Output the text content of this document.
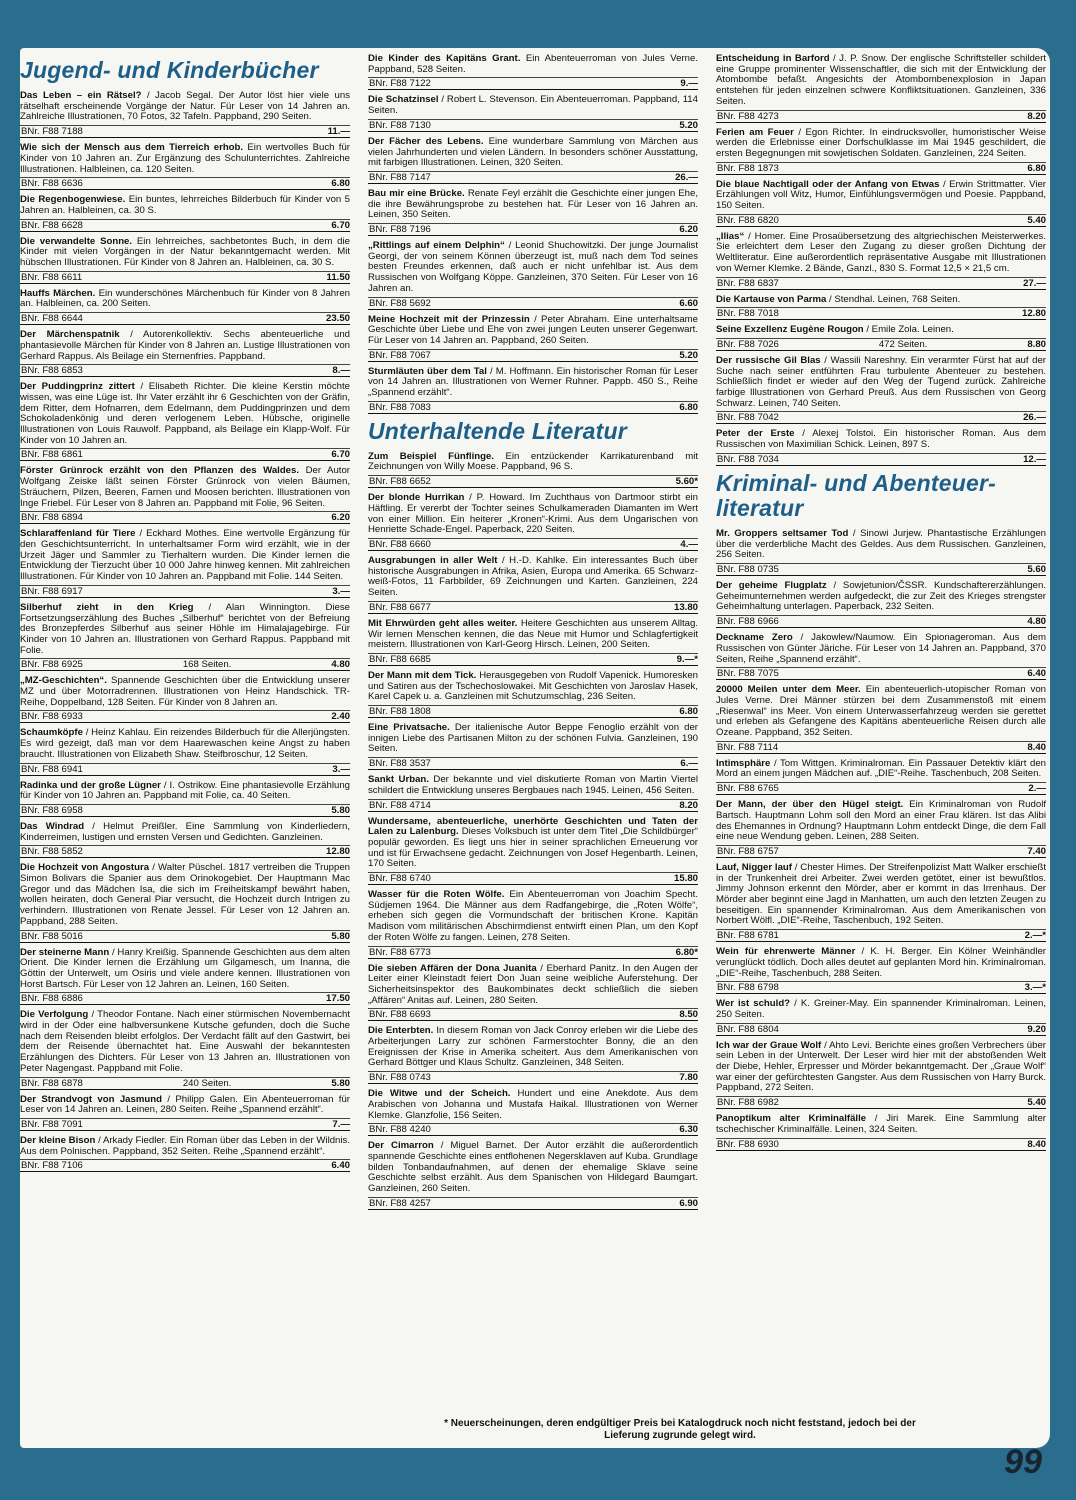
Jugend- und Kinderbücher
Das Leben – ein Rätsel? / Jacob Segal. Der Autor löst hier viele uns rätselhaft erscheinende Vorgänge der Natur. Für Leser von 14 Jahren an. Zahlreiche Illustrationen, 70 Fotos, 32 Tafeln. Pappband, 290 Seiten.
BNr. F88 7188	11.—
Wie sich der Mensch aus dem Tierreich erhob. Ein wertvolles Buch für Kinder von 10 Jahren an. Zur Ergänzung des Schulunterrichtes. Zahlreiche Illustrationen. Halbleinen, ca. 120 Seiten.
BNr. F88 6636	6.80
Die Regenbogenwiese. Ein buntes, lehrreiches Bilderbuch für Kinder von 5 Jahren an. Halbleinen, ca. 30 S.
BNr. F88 6628	6.70
Die verwandelte Sonne. Ein lehrreiches, sachbetontes Buch, in dem die Kinder mit vielen Vorgängen in der Natur bekanntgemacht werden. Mit hübschen Illustrationen. Für Kinder von 8 Jahren an. Halbleinen, ca. 30 S.
BNr. F88 6611	11.50
Hauffs Märchen. Ein wunderschönes Märchenbuch für Kinder von 8 Jahren an. Halbleinen, ca. 200 Seiten.
BNr. F88 6644	23.50
Der Märchenspatnik / Autorenkollektiv. Sechs abenteuerliche und phantasievolle Märchen für Kinder von 8 Jahren an. Lustige Illustrationen von Gerhard Rappus. Als Beilage ein Sternenfries. Pappband.
BNr. F88 6853	8.—
Der Puddingprinz zittert / Elisabeth Richter. Die kleine Kerstin möchte wissen, was eine Lüge ist. Ihr Vater erzählt ihr 6 Geschichten von der Gräfin, dem Ritter, dem Hofnarren, dem Edelmann, dem Puddingprinzen und dem Schokoladenkönig und deren verlogenem Leben. Hübsche, originelle Illustrationen von Louis Rauwolf. Pappband, als Beilage ein Klapp-Wolf. Für Kinder von 10 Jahren an.
BNr. F88 6861	6.70
Förster Grünrock erzählt von den Pflanzen des Waldes. Der Autor Wolfgang Zeiske läßt seinen Förster Grünrock von vielen Bäumen, Sträuchern, Pilzen, Beeren, Farnen und Moosen berichten. Illustrationen von Inge Friebel. Für Leser von 8 Jahren an. Pappband mit Folie, 96 Seiten.
BNr. F88 6894	6.20
Schlaraffenland für Tiere / Eckhard Mothes. Eine wertvolle Ergänzung für den Geschichtsunterricht. In unterhaltsamer Form wird erzählt, wie in der Urzeit Jäger und Sammler zu Tierhaltern wurden. Die Kinder lernen die Entwicklung der Tierzucht über 10 000 Jahre hinweg kennen. Mit zahlreichen Illustrationen. Für Kinder von 10 Jahren an. Pappband mit Folie. 144 Seiten.
BNr. F88 6917	3.—
Silberhuf zieht in den Krieg / Alan Winnington. Diese Fortsetzungserzählung des Buches „Silberhuf“ berichtet von der Befreiung des Bronzepferdes Silberhuf aus seiner Höhle im Himalajagebirge. Für Kinder von 10 Jahren an. Illustrationen von Gerhard Rappus. Pappband mit Folie.
BNr. F88 6925	168 Seiten.	4.80
„MZ-Geschichten“. Spannende Geschichten über die Entwicklung unserer MZ und über Motorradrennen. Illustrationen von Heinz Handschick. TR-Reihe, Doppelband, 128 Seiten. Für Kinder von 8 Jahren an.
BNr. F88 6933	2.40
Schaumköpfe / Heinz Kahlau. Ein reizendes Bilderbuch für die Allerjüngsten. Es wird gezeigt, daß man vor dem Haarewaschen keine Angst zu haben braucht. Illustrationen von Elizabeth Shaw. Steifbroschur, 12 Seiten.
BNr. F88 6941	3.—
Radinka und der große Lügner / I. Ostrikow. Eine phantasievolle Erzählung für Kinder von 10 Jahren an. Pappband mit Folie, ca. 40 Seiten.
BNr. F88 6958	5.80
Das Windrad / Helmut Preißler. Eine Sammlung von Kinderliedern, Kinderreimen, lustigen und ernsten Versen und Gedichten. Ganzleinen.
BNr. F88 5852	12.80
Die Hochzeit von Angostura / Walter Püschel. 1817 vertreiben die Truppen Simon Bolivars die Spanier aus dem Orinokogebiet. Der Hauptmann Mac Gregor und das Mädchen Isa, die sich im Freiheitskampf bewährt haben, wollen heiraten, doch General Piar versucht, die Hochzeit durch Intrigen zu verhindern. Illustrationen von Renate Jessel. Für Leser von 12 Jahren an. Pappband, 288 Seiten.
BNr. F88 5016	5.80
Der steinerne Mann / Hanry Kreißig. Spannende Geschichten aus dem alten Orient. Die Kinder lernen die Erzählung um Gilgamesch, um Inanna, die Göttin der Unterwelt, um Osiris und viele andere kennen. Illustrationen von Horst Bartsch. Für Leser von 12 Jahren an. Leinen, 160 Seiten.
BNr. F88 6886	17.50
Die Verfolgung / Theodor Fontane. Nach einer stürmischen Novembernacht wird in der Oder eine halbversunkene Kutsche gefunden, doch die Suche nach dem Reisenden bleibt erfolglos. Der Verdacht fällt auf den Gastwirt, bei dem der Reisende übernachtet hat. Eine Auswahl der bekanntesten Erzählungen des Dichters. Für Leser von 13 Jahren an. Illustrationen von Peter Nagengast. Pappband mit Folie.
BNr. F88 6878	240 Seiten.	5.80
Der Strandvogt von Jasmund / Philipp Galen. Ein Abenteuerroman für Leser von 14 Jahren an. Leinen, 280 Seiten. Reihe „Spannend erzählt“.
BNr. F88 7091	7.—
Der kleine Bison / Arkady Fiedler. Ein Roman über das Leben in der Wildnis. Aus dem Polnischen. Pappband, 352 Seiten. Reihe „Spannend erzählt“.
BNr. F88 7106	6.40
Die Kinder des Kapitäns Grant. Ein Abenteuerroman von Jules Verne. Pappband, 528 Seiten.
BNr. F88 7122	9.—
Die Schatzinsel / Robert L. Stevenson. Ein Abenteuerroman. Pappband, 114 Seiten.
BNr. F88 7130	5.20
Der Fächer des Lebens. Eine wunderbare Sammlung von Märchen aus vielen Jahrhunderten und vielen Ländern. In besonders schöner Ausstattung, mit farbigen Illustrationen. Leinen, 320 Seiten.
BNr. F88 7147	26.—
Bau mir eine Brücke. Renate Feyl erzählt die Geschichte einer jungen Ehe, die ihre Bewährungsprobe zu bestehen hat. Für Leser von 16 Jahren an. Leinen, 350 Seiten.
BNr. F88 7196	6.20
„Rittlings auf einem Delphin“ / Leonid Shuchowitzki. Der junge Journalist Georgi, der von seinem Können überzeugt ist, muß nach dem Tod seines besten Freundes erkennen, daß auch er nicht unfehlbar ist. Aus dem Russischen von Wolfgang Köppe. Ganzleinen, 370 Seiten. Für Leser von 16 Jahren an.
BNr. F88 5692	6.60
Meine Hochzeit mit der Prinzessin / Peter Abraham. Eine unterhaltsame Geschichte über Liebe und Ehe von zwei jungen Leuten unserer Gegenwart. Für Leser von 14 Jahren an. Pappband, 260 Seiten.
BNr. F88 7067	5.20
Sturmläuten über dem Tal / M. Hoffmann. Ein historischer Roman für Leser von 14 Jahren an. Illustrationen von Werner Ruhner. Pappb. 450 S., Reihe „Spannend erzählt“.
BNr. F88 7083	6.80
Unterhaltende Literatur
Zum Beispiel Fünflinge. Ein entzückender Karrikaturenband mit Zeichnungen von Willy Moese. Pappband, 96 S.
BNr. F88 6652	5.60*
Der blonde Hurrikan / P. Howard. Im Zuchthaus von Dartmoor stirbt ein Häftling. Er vererbt der Tochter seines Schulkameraden Diamanten im Wert von einer Million. Ein heiterer „Kronen“-Krimi. Aus dem Ungarischen von Henriette Schade-Engel. Paperback, 220 Seiten.
BNr. F88 6660	4.—
Ausgrabungen in aller Welt / H.-D. Kahlke. Ein interessantes Buch über historische Ausgrabungen in Afrika, Asien, Europa und Amerika. 65 Schwarz-weiß-Fotos, 11 Farbbilder, 69 Zeichnungen und Karten. Ganzleinen, 224 Seiten.
BNr. F88 6677	13.80
Mit Ehrwürden geht alles weiter. Heitere Geschichten aus unserem Alltag. Wir lernen Menschen kennen, die das Neue mit Humor und Schlagfertigkeit meistern. Illustrationen von Karl-Georg Hirsch. Leinen, 200 Seiten.
BNr. F88 6685	9.—*
Der Mann mit dem Tick. Herausgegeben von Rudolf Vapenick. Humoresken und Satiren aus der Tschechoslowakei. Mit Geschichten von Jaroslav Hasek, Karel Capek u. a. Ganzleinen mit Schutzumschlag, 236 Seiten.
BNr. F88 1808	6.80
Eine Privatsache. Der italienische Autor Beppe Fenoglio erzählt von der innigen Liebe des Partisanen Milton zu der schönen Fulvia. Ganzleinen, 190 Seiten.
BNr. F88 3537	6.—
Sankt Urban. Der bekannte und viel diskutierte Roman von Martin Viertel schildert die Entwicklung unseres Bergbaues nach 1945. Leinen, 456 Seiten.
BNr. F88 4714	8.20
Wundersame, abenteuerliche, unerhörte Geschichten und Taten der Lalen zu Lalenburg. Dieses Volksbuch ist unter dem Titel „Die Schildbürger“ populär geworden. Es liegt uns hier in seiner sprachlichen Erneuerung vor und ist für Erwachsene gedacht. Zeichnungen von Josef Hegenbarth. Leinen, 170 Seiten.
BNr. F88 6740	15.80
Wasser für die Roten Wölfe. Ein Abenteuerroman von Joachim Specht. Südjemen 1964. Die Männer aus dem Radfangebirge, die „Roten Wölfe“, erheben sich gegen die Vormundschaft der britischen Krone. Kapitän Madison vom militärischen Abschirmdienst entwirft einen Plan, um den Kopf der Roten Wölfe zu fangen. Leinen, 278 Seiten.
BNr. F88 6773	6.80*
Die sieben Affären der Dona Juanita / Eberhard Panitz. In den Augen der Leiter einer Kleinstadt feiert Don Juan seine weibliche Auferstehung. Der Sicherheitsinspektor des Baukombinates deckt schließlich die sieben „Affären“ Anitas auf. Leinen, 280 Seiten.
BNr. F88 6693	8.50
Die Enterbten. In diesem Roman von Jack Conroy erleben wir die Liebe des Arbeiterjungen Larry zur schönen Farmerstochter Bonny, die an den Ereignissen der Krise in Amerika scheitert. Aus dem Amerikanischen von Gerhard Böttger und Klaus Schultz. Ganzleinen, 348 Seiten.
BNr. F88 0743	7.80
Die Witwe und der Scheich. Hundert und eine Anekdote. Aus dem Arabischen von Johanna und Mustafa Haikal. Illustrationen von Werner Klemke. Glanzfolie, 156 Seiten.
BNr. F88 4240	6.30
Der Cimarron / Miguel Barnet. Der Autor erzählt die außerordentlich spannende Geschichte eines entflohenen Negersklaven auf Kuba. Grundlage bilden Tonbandaufnahmen, auf denen der ehemalige Sklave seine Geschichte selbst erzählt. Aus dem Spanischen von Hildegard Baumgart. Ganzleinen, 260 Seiten.
BNr. F88 4257	6.90
Entscheidung in Barford / J. P. Snow. Der englische Schriftsteller schildert eine Gruppe prominenter Wissenschaftler, die sich mit der Entwicklung der Atombombe befaßt. Angesichts der Atombombenexplosion in Japan entstehen für jeden einzelnen schwere Konfliktsituationen. Ganzleinen, 336 Seiten.
BNr. F88 4273	8.20
Ferien am Feuer / Egon Richter. In eindrucksvoller, humoristischer Weise werden die Erlebnisse einer Dorfschulklasse im Mai 1945 geschildert, die ersten Begegnungen mit sowjetischen Soldaten. Ganzleinen, 224 Seiten.
BNr. F88 1873	6.80
Die blaue Nachtigall oder der Anfang von Etwas / Erwin Strittmatter. Vier Erzählungen voll Witz, Humor, Einfühlungsvermögen und Poesie. Pappband, 150 Seiten.
BNr. F88 6820	5.40
„Ilias“ / Homer. Eine Prosaübersetzung des altgriechischen Meisterwerkes. Sie erleichtert dem Leser den Zugang zu dieser großen Dichtung der Weltliteratur. Eine außerordentlich repräsentative Ausgabe mit Illustrationen von Werner Klemke. 2 Bände, Ganzl., 830 S. Format 12,5 × 21,5 cm.
BNr. F88 6837	27.—
Die Kartause von Parma / Stendhal. Leinen, 768 Seiten.
BNr. F88 7018	12.80
Seine Exzellenz Eugène Rougon / Emile Zola. Leinen.
BNr. F88 7026	472 Seiten.	8.80
Der russische Gil Blas / Wassili Nareshny. Ein verarmter Fürst hat auf der Suche nach seiner entführten Frau turbulente Abenteuer zu bestehen. Schließlich findet er wieder auf den Weg der Tugend zurück. Zahlreiche farbige Illustrationen von Gerhard Preuß. Aus dem Russischen von Georg Schwarz. Leinen, 740 Seiten.
BNr. F88 7042	26.—
Peter der Erste / Alexej Tolstoi. Ein historischer Roman. Aus dem Russischen von Maximilian Schick. Leinen, 897 S.
BNr. F88 7034	12.—
Kriminal- und Abenteuer-literatur
Mr. Groppers seltsamer Tod / Sinowi Jurjew. Phantastische Erzählungen über die verderbliche Macht des Geldes. Aus dem Russischen. Ganzleinen, 256 Seiten.
BNr. F88 0735	5.60
Der geheime Flugplatz / Sowjetunion/ČSSR. Kundschaftererzählungen. Geheimunternehmen werden aufgedeckt, die zur Zeit des Krieges strengster Geheimhaltung unterlagen. Paperback, 232 Seiten.
BNr. F88 6966	4.80
Deckname Zero / Jakowlew/Naumow. Ein Spionageroman. Aus dem Russischen von Günter Järiche. Für Leser von 14 Jahren an. Pappband, 370 Seiten, Reihe „Spannend erzählt“.
BNr. F88 7075	6.40
20000 Meilen unter dem Meer. Ein abenteuerlich-utopischer Roman von Jules Verne. Drei Männer stürzen bei dem Zusammenstoß mit einem „Riesenwal“ ins Meer. Von einem Unterwasserfahrzeug werden sie gerettet und erleben als Gefangene des Kapitäns abenteuerliche Reisen durch alle Ozeane. Pappband, 352 Seiten.
BNr. F88 7114	8.40
Intimsphäre / Tom Wittgen. Kriminalroman. Ein Passauer Detektiv klärt den Mord an einem jungen Mädchen auf. „DIE“-Reihe. Taschenbuch, 208 Seiten.
BNr. F88 6765	2.—
Der Mann, der über den Hügel steigt. Ein Kriminalroman von Rudolf Bartsch. Hauptmann Lohm soll den Mord an einer Frau klären. Ist das Alibi des Ehemannes in Ordnung? Hauptmann Lohm entdeckt Dinge, die dem Fall eine neue Wendung geben. Leinen, 288 Seiten.
BNr. F88 6757	7.40
Lauf, Nigger lauf / Chester Himes. Der Streifenpolizist Matt Walker erschießt in der Trunkenheit drei Arbeiter. Zwei werden getötet, einer ist bewußtlos. Jimmy Johnson erkennt den Mörder, aber er kommt in das Irrenhaus. Der Mörder aber beginnt eine Jagd in Manhatten, um auch den letzten Zeugen zu beseitigen. Ein spannender Kriminalroman. Aus dem Amerikanischen von Norbert Wölfl. „DIE“-Reihe, Taschenbuch, 192 Seiten.
BNr. F88 6781	2.—*
Wein für ehrenwerte Männer / K. H. Berger. Ein Kölner Weinhändler verunglückt tödlich. Doch alles deutet auf geplanten Mord hin. Kriminalroman. „DIE“-Reihe, Taschenbuch, 288 Seiten.
BNr. F88 6798	3.—*
Wer ist schuld? / K. Greiner-May. Ein spannender Kriminalroman. Leinen, 250 Seiten.
BNr. F88 6804	9.20
Ich war der Graue Wolf / Ahto Levi. Berichte eines großen Verbrechers über sein Leben in der Unterwelt. Der Leser wird hier mit der abstoßenden Welt der Diebe, Hehler, Erpresser und Mörder bekanntgemacht. Der „Graue Wolf“ war einer der gefürchtesten Gangster. Aus dem Russischen von Harry Burck. Pappband, 272 Seiten.
BNr. F88 6982	5.40
Panoptikum alter Kriminalfälle / Jiri Marek. Eine Sammlung alter tschechischer Kriminalfälle. Leinen, 324 Seiten.
BNr. F88 6930	8.40
* Neuerscheinungen, deren endgültiger Preis bei Katalogdruck noch nicht feststand, jedoch bei der Lieferung zugrunde gelegt wird.
99
